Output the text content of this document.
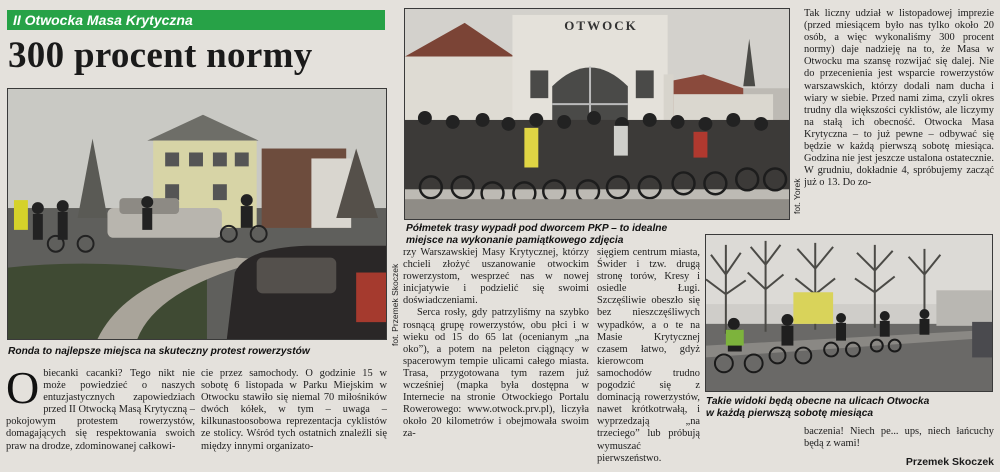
II Otwocka Masa Krytyczna
300 procent normy
Ronda to najlepsze miejsca na skuteczny protest rowerzystów
fot. Przemek Skoczek
OTWOCK
Półmetek trasy wypadł pod dworcem PKP – to idealne
miejsce na wykonanie pamiątkowego zdjęcia
fot. Yorek
Takie widoki będą obecne na ulicach Otwocka
w każdą pierwszą sobotę miesiąca
O biecanki cacanki? Tego nikt nie może powiedzieć o naszych entuzjastycznych zapowiedziach przed II Otwocką Masą Krytyczną – pokojowym protestem rowerzystów, domagających się respektowania swoich praw na drodze, zdominowanej całkowi-
cie przez samochody. O godzinie 15 w sobotę 6 listopada w Parku Miejskim w Otwocku stawiło się niemal 70 miłośników dwóch kółek, w tym – uwaga – kilkunastoosobowa reprezentacja cyklistów ze stolicy. Wśród tych ostatnich znaleźli się między innymi organizato-

rzy Warszawskiej Masy Krytycznej, którzy chcieli złożyć uszanowanie otwockim rowerzystom, wesprzeć nas w nowej inicjatywie i podzielić się swoimi doświadczeniami.

Serca rosły, gdy patrzyliśmy na szybko rosnącą grupę rowerzystów, obu płci i w wieku od 15 do 65 lat (ocenianym „na oko”), a potem na peleton ciągnący w spacerowym tempie ulicami całego miasta. Trasa, przygotowana tym razem już wcześniej (mapka była dostępna w Internecie na stronie Otwockiego Portalu Rowerowego: www.otwock.prv.pl), liczyła około 20 kilometrów i obejmowała swoim za-

sięgiem centrum miasta, Świder i tzw. drugą stronę torów, Kresy i osiedle Ługi. Szczęśliwie obeszło się bez nieszczęśliwych wypadków, a o te na Masie Krytycznej czasem łatwo, gdyż kierowcom samochodów trudno pogodzić się z dominacją rowerzystów, nawet krótkotrwałą, i wyprzedzają „na trzeciego” lub próbują wymuszać pierwszeństwo.
Tak liczny udział w listopadowej imprezie (przed miesiącem było nas tylko około 20 osób, a więc wykonaliśmy 300 procent normy) daje nadzieję na to, że Masa w Otwocku ma szansę rozwijać się dalej. Nie do przecenienia jest wsparcie rowerzystów warszawskich, którzy dodali nam ducha i wiary w siebie. Przed nami zima, czyli okres trudny dla większości cyklistów, ale liczymy na stałą ich obecność. Otwocka Masa Krytyczna – to już pewne – odbywać się będzie w każdą pierwszą sobotę miesiąca. Godzina nie jest jeszcze ustalona ostatecznie. W grudniu, dokładnie 4, spróbujemy zacząć już o 13. Do zo-
baczenia! Niech pe... ups, niech łańcuchy będą z wami!
Przemek Skoczek
